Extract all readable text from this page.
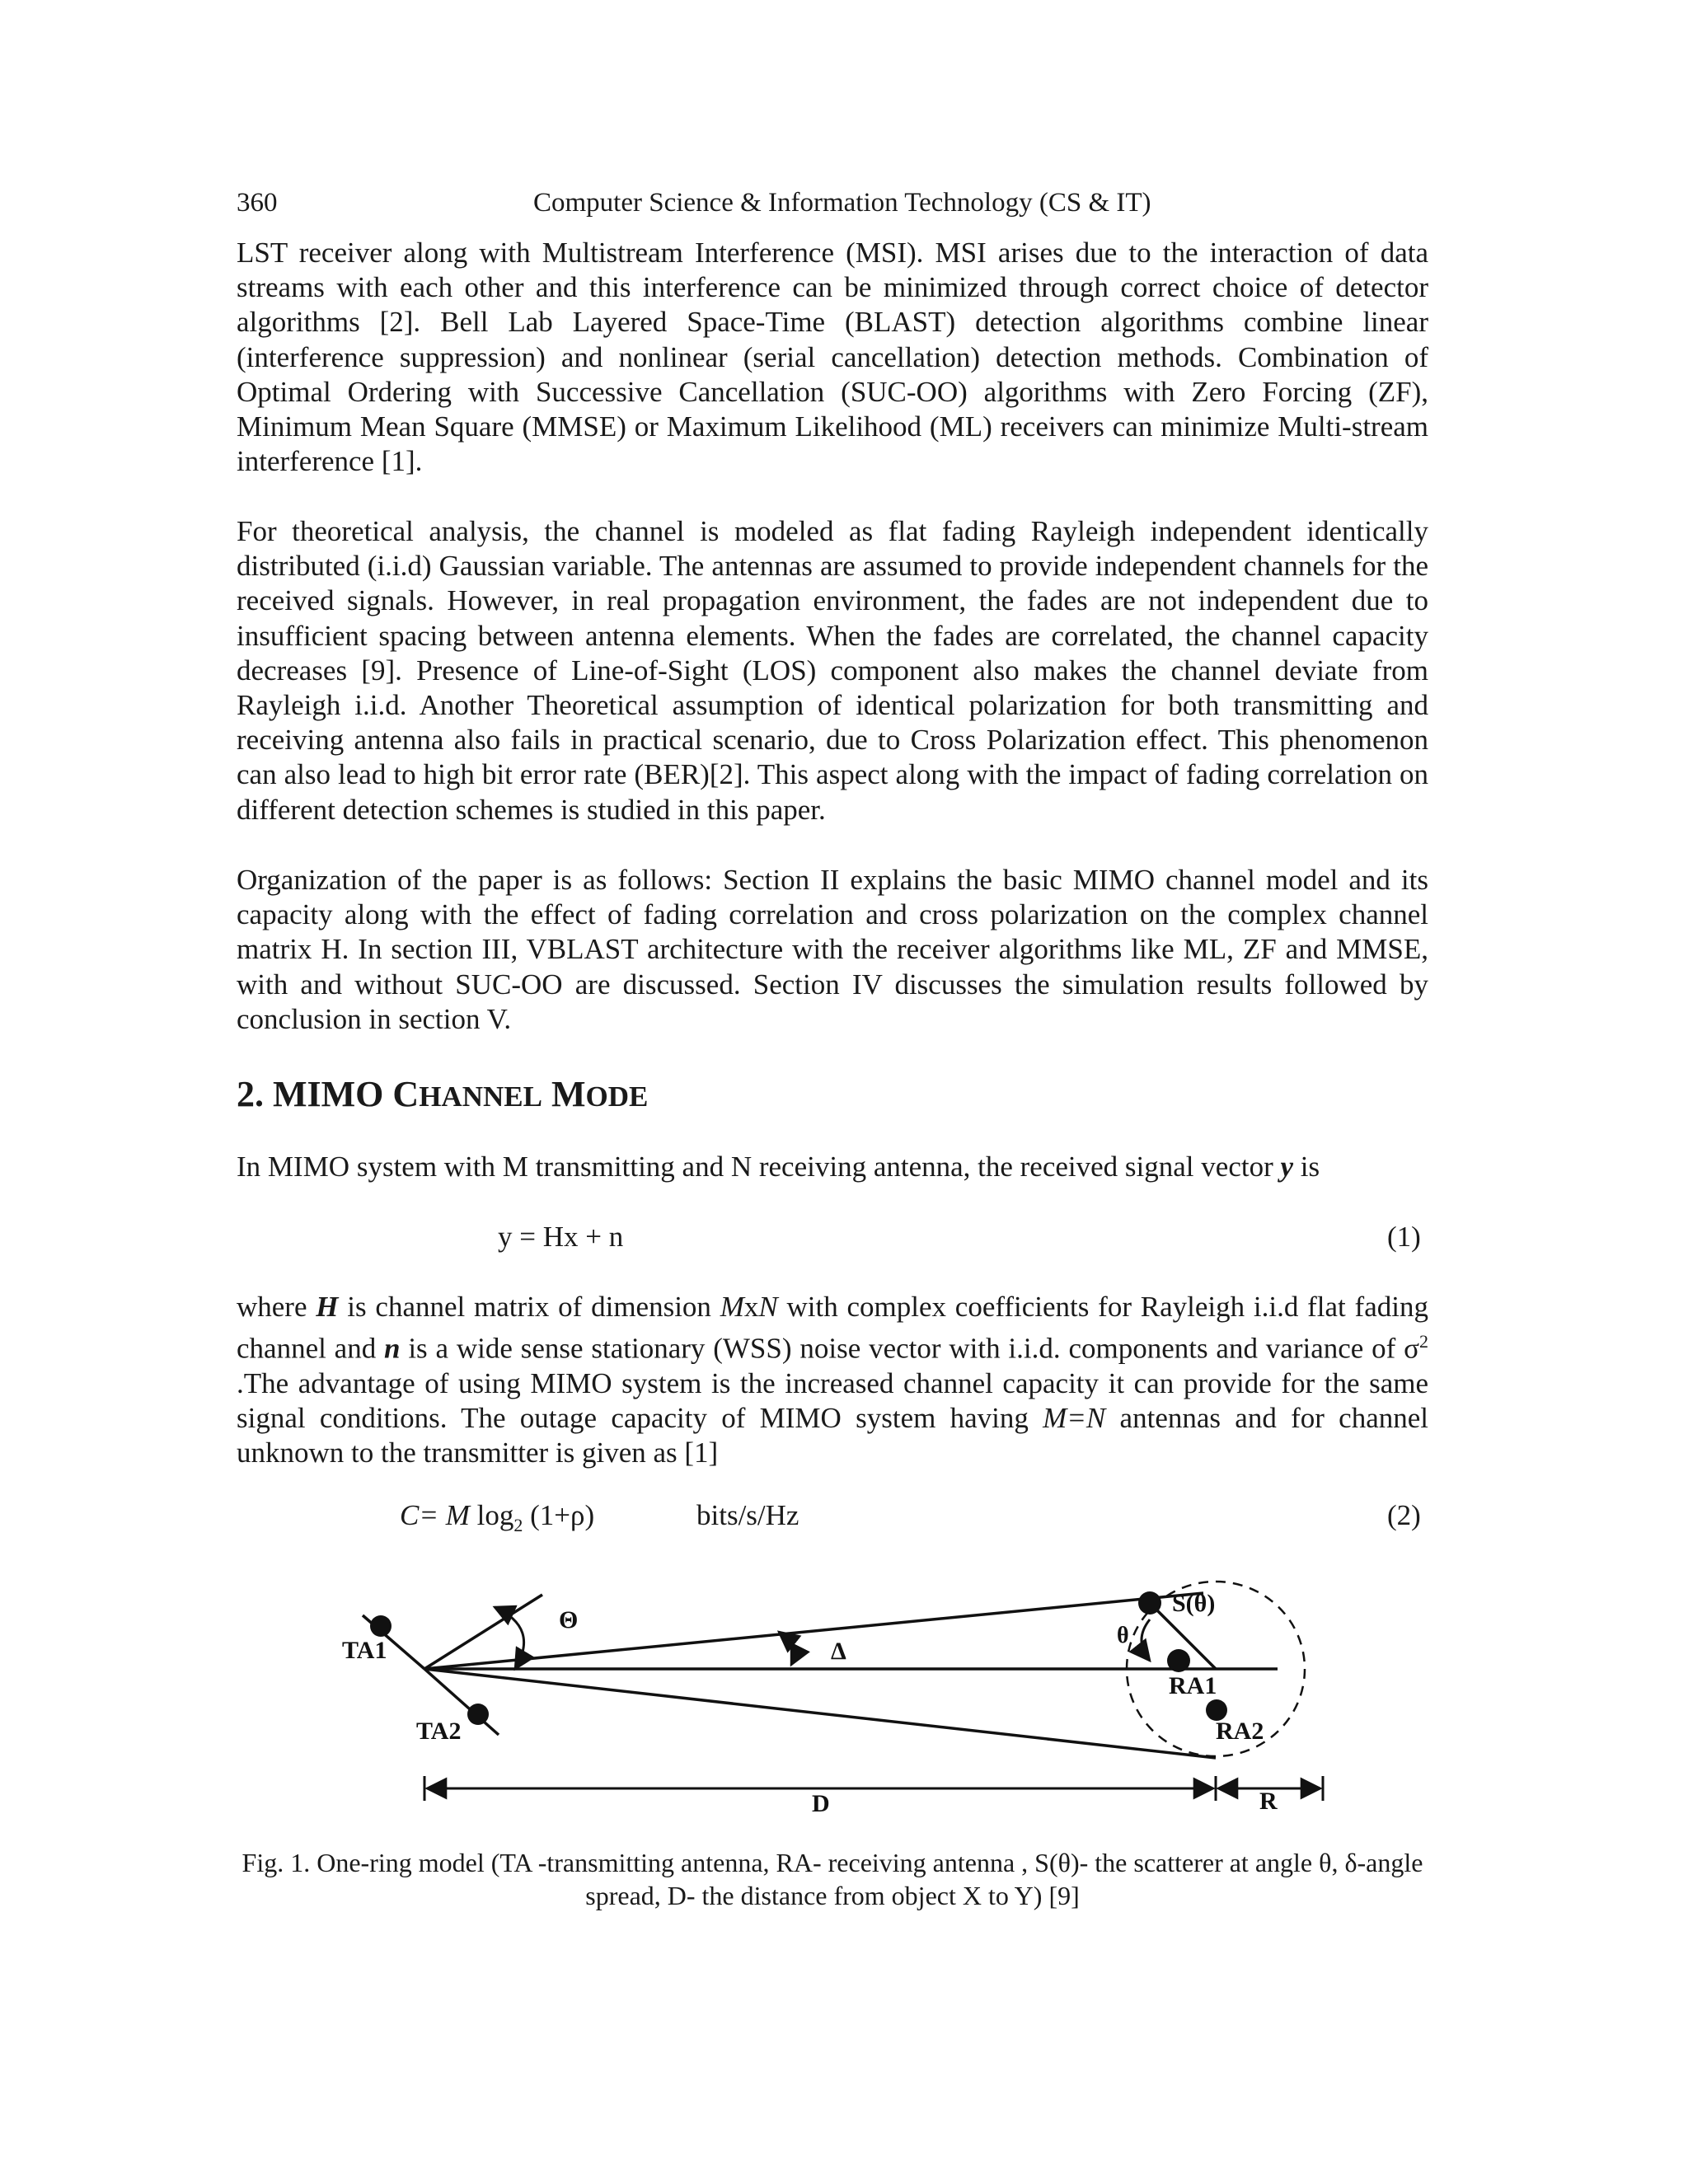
360	Computer Science & Information Technology (CS & IT)

LST receiver along with Multistream Interference (MSI). MSI arises due to the interaction of data streams with each other and this interference can be minimized through correct choice of detector algorithms [2]. Bell Lab Layered Space-Time (BLAST) detection algorithms combine linear (interference suppression) and nonlinear (serial cancellation) detection methods. Combination of Optimal Ordering with Successive Cancellation (SUC-OO) algorithms with Zero Forcing (ZF), Minimum Mean Square (MMSE) or Maximum Likelihood (ML) receivers can minimize Multi-stream interference [1].

For theoretical analysis, the channel is modeled as flat fading Rayleigh independent identically distributed (i.i.d) Gaussian variable. The antennas are assumed to provide independent channels for the received signals. However, in real propagation environment, the fades are not independent due to insufficient spacing between antenna elements. When the fades are correlated, the channel capacity decreases [9]. Presence of Line-of-Sight (LOS) component also makes the channel deviate from Rayleigh i.i.d. Another Theoretical assumption of identical polarization for both transmitting and receiving antenna also fails in practical scenario, due to Cross Polarization effect. This phenomenon can also lead to high bit error rate (BER)[2]. This aspect along with the impact of fading correlation on different detection schemes is studied in this paper.

Organization of the paper is as follows: Section II explains the basic MIMO channel model and its capacity along with the effect of fading correlation and cross polarization on the complex channel matrix H. In section III, VBLAST architecture with the receiver algorithms like ML, ZF and MMSE, with and without SUC-OO are discussed. Section IV discusses the simulation results followed by conclusion in section V.

2. MIMO CHANNEL MODE

In MIMO system with M transmitting and N receiving antenna, the received signal vector y is

y = Hx + n	(1)

where H is channel matrix of dimension MxN with complex coefficients for Rayleigh i.i.d flat fading channel and n is a wide sense stationary (WSS) noise vector with i.i.d. components and variance of $\sigma^2$ .The advantage of using MIMO system is the increased channel capacity it can provide for the same signal conditions. The outage capacity of MIMO system having M=N antennas and for channel unknown to the transmitter is given as [1]

C= M $\log_2 (1+\rho)$	bits/s/Hz	(2)
TA1
TA2
Θ
Δ
S(θ)
θ
RA1
RA2
D	R

Fig. 1. One-ring model (TA -transmitting antenna, RA- receiving antenna , S(θ)- the scatterer at angle θ, δ-angle spread, D- the distance from object X to Y) [9]
